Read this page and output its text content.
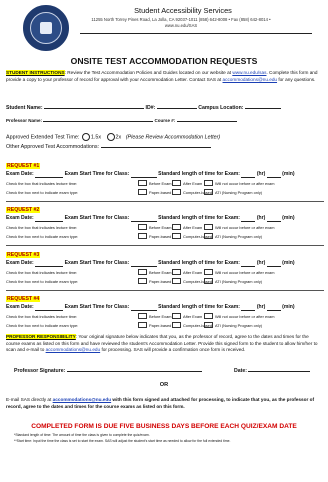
Student Accessibility Services
11255 North Torrey Pines Road, La Jolla, CA 92037-1011 (858) 642-8008 • Fax (858) 642-8014 • www.nu.edu/SAS
ONSITE TEST ACCOMMODATION REQUESTS
STUDENT INSTRUCTIONS: Review the Test Accommodation Policies and Guides located on our website at www.nu.edu/sas. Complete this form and provide a copy to your professor of record for approval with your Accommodation Letter. Contact SAS at accommodations@nu.edu for any questions.
Student Name:	ID#:	Campus Location:
Professor Name:	Course #:
Approved Extended Test Time: 1.5x	2x (Please Review Accommodation Letter)
Other Approved Test Accommodations:
REQUEST #1
Exam Date:	Exam Start Time for Class:	Standard length of time for Exam:	(hr)	(min)
Check the box that indicates lecture time:	Before Exam	After Exam	Will not occur before or after exam
Check the box next to indicate exam type:	Paper-based	Computer-based ATI (Nursing Program only)
REQUEST #2
Exam Date:	Exam Start Time for Class:	Standard length of time for Exam:	(hr)	(min)
Check the box that indicates lecture time:	Before Exam	After Exam	Will not occur before or after exam
Check the box next to indicate exam type:	Paper-based	Computer-based ATI (Nursing Program only)
REQUEST #3
Exam Date:	Exam Start Time for Class:	Standard length of time for Exam:	(hr)	(min)
Check the box that indicates lecture time:	Before Exam	After Exam	Will not occur before or after exam
Check the box next to indicate exam type:	Paper-based	Computer-based ATI (Nursing Program only)
REQUEST #4
Exam Date:	Exam Start Time for Class:	Standard length of time for Exam:	(hr)	(min)
Check the box that indicates lecture time:	Before Exam	After Exam	Will not occur before or after exam
Check the box next to indicate exam type:	Paper-based	Computer-based ATI (Nursing Program only)
PROFESSOR RESPONSIBILITY: Your original signature below indicates that you, as the professor of record, agree to the dates and times for the course exams as listed on this form and have reviewed the student's Accommodation Letter. Provide this signed form to the student to allow him/her to scan and e-mail to accommodations@nu.edu for processing. SAS will provide a confirmation once form is received.
Professor Signature:	Date:
OR
E-mail SAS directly at accommodations@nu.edu with this form signed and attached for processing, to indicate that you, as the professor of record, agree to the dates and times for the course exams as listed on this form.
COMPLETED FORM IS DUE FIVE BUSINESS DAYS BEFORE EACH QUIZ/EXAM DATE
*Standard length of time: The amount of time the class is given to complete the quiz/exam.
**Start time: Input the time the class is set to start the exam. SAS will adjust the student's start time as needed to allow for the full extended time.
